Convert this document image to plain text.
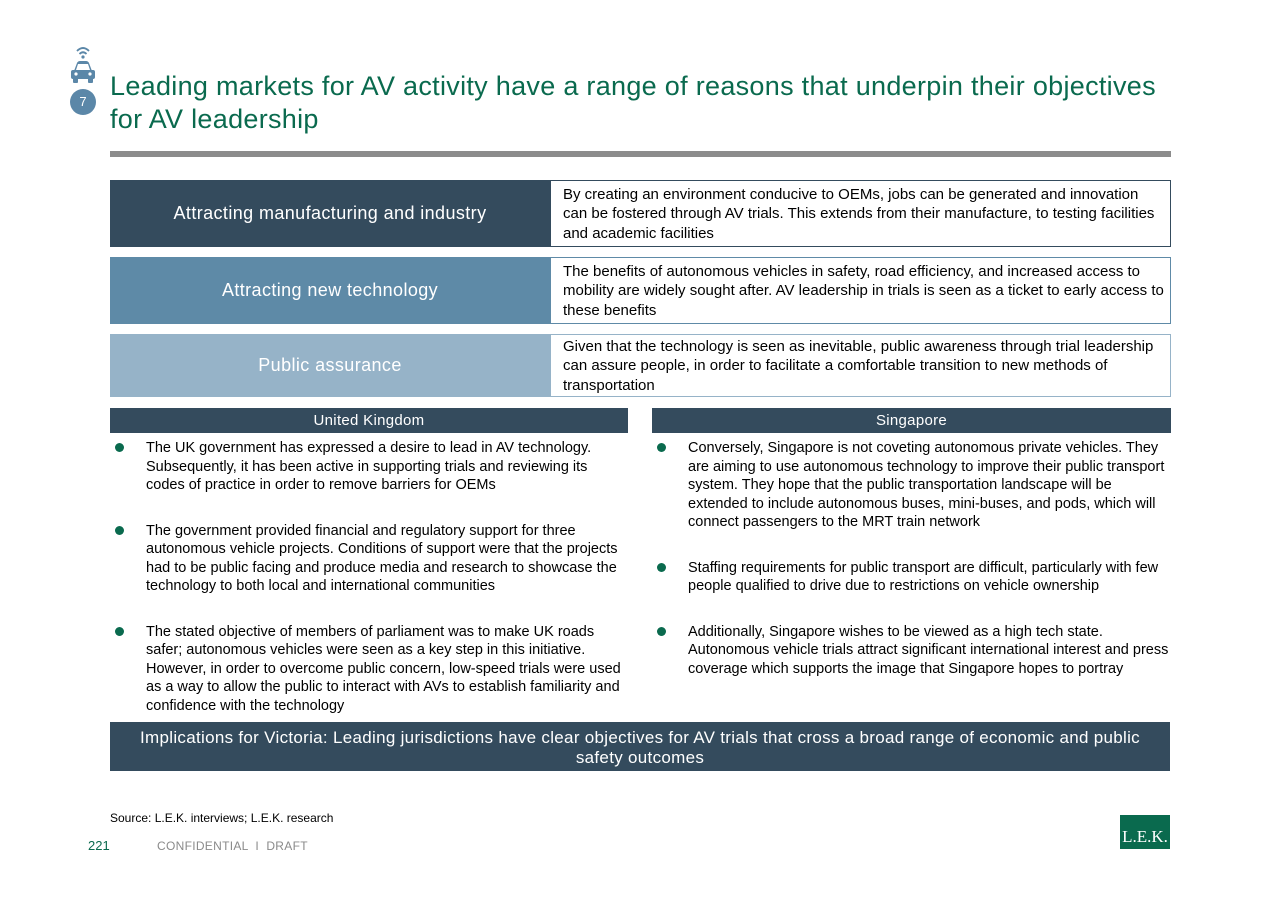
7
Leading markets for AV activity have a range of reasons that underpin their objectives for AV leadership
Attracting manufacturing and industry
By creating an environment conducive to OEMs, jobs can be generated and innovation can be fostered through AV trials. This extends from their manufacture, to testing facilities and academic facilities
Attracting new technology
The benefits of autonomous vehicles in safety, road efficiency, and increased access to mobility are widely sought after. AV leadership in trials is seen as a ticket to early access to these benefits
Public assurance
Given that the technology is seen as inevitable, public awareness through trial leadership can assure people, in order to facilitate a comfortable transition to new methods of transportation
United Kingdom	Singapore
The UK government has expressed a desire to lead in AV technology. Subsequently, it has been active in supporting trials and reviewing its codes of practice in order to remove barriers for OEMs
The government provided financial and regulatory support for three autonomous vehicle projects. Conditions of support were that the projects had to be public facing and produce media and research to showcase the technology to both local and international communities
The stated objective of members of parliament was to make UK roads safer; autonomous vehicles were seen as a key step in this initiative. However, in order to overcome public concern, low-speed trials were used as a way to allow the public to interact with AVs to establish familiarity and confidence with the technology
Conversely, Singapore is not coveting autonomous private vehicles. They are aiming to use autonomous technology to improve their public transport system. They hope that the public transportation landscape will be extended to include autonomous buses, mini-buses, and pods, which will connect passengers to the MRT train network
Staffing requirements for public transport are difficult, particularly with few people qualified to drive due to restrictions on vehicle ownership
Additionally, Singapore wishes to be viewed as a high tech state. Autonomous vehicle trials attract significant international interest and press coverage which supports the image that Singapore hopes to portray
Implications for Victoria: Leading jurisdictions have clear objectives for AV trials that cross a broad range of economic and public safety outcomes
Source: L.E.K. interviews; L.E.K. research
221	CONFIDENTIAL  I  DRAFT	L.E.K.
